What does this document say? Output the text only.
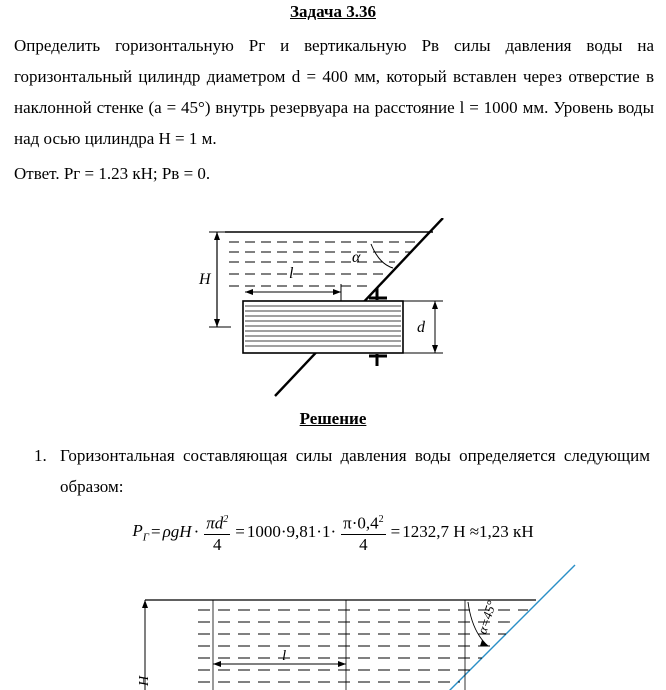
Задача 3.36
Определить горизонтальную Рг и вертикальную Рв силы давления воды на горизонтальный цилиндр диаметром d = 400 мм, который вставлен через отверстие в наклонной стенке (a = 45°) внутрь резервуара на расстояние l = 1000 мм. Уровень воды над осью цилиндра H = 1 м.
Ответ. Рг = 1.23 кН; Рв = 0.
H
α
l
d
Решение
1. Горизонтальная составляющая силы давления воды определяется следующим образом:
$P_Г = \rho gH \cdot \frac{\pi d^2}{4} = 1000\cdot 9,81\cdot 1\cdot \frac{\pi\cdot 0,4^2}{4} = 1232,7$ Н ≈1,23 кН
H
l
α=45°
